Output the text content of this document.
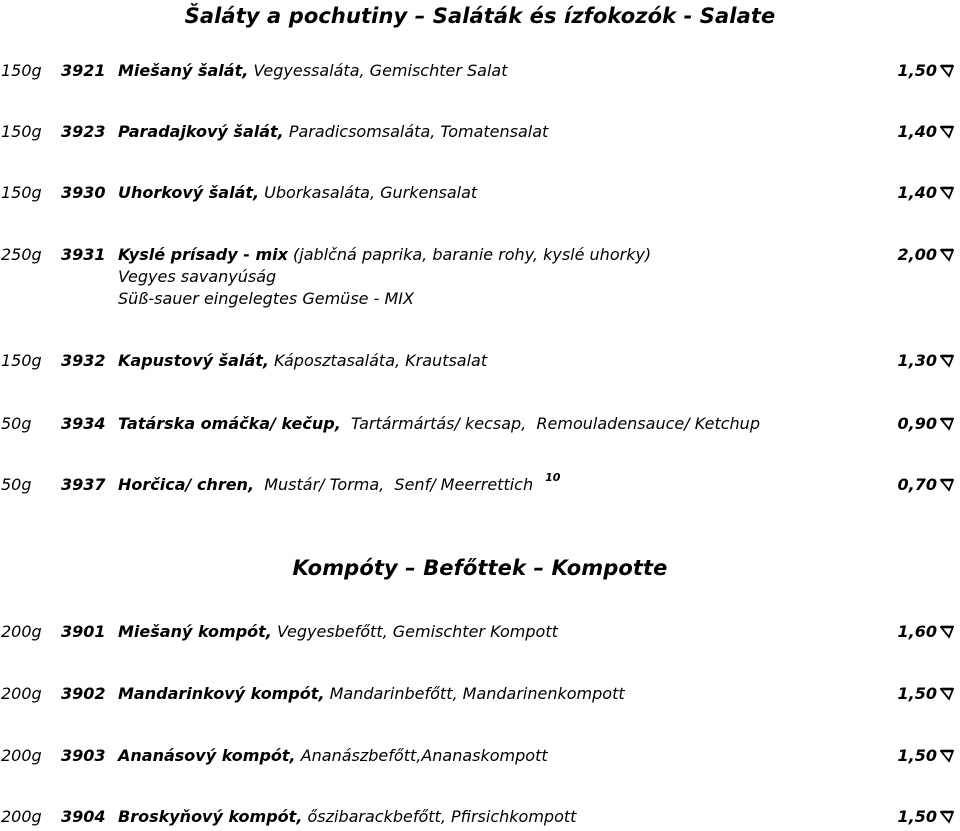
Šaláty a pochutiny – Saláták és ízfokozók - Salate
150g 3921 Miešaný šalát, Vegyessaláta, Gemischter Salat	1,50
150g 3923 Paradajkový šalát, Paradicsomsaláta, Tomatensalat	1,40
150g 3930 Uhorkový šalát, Uborkasaláta, Gurkensalat	1,40
250g 3931 Kyslé prísady - mix (jablčná paprika, baranie rohy, kyslé uhorky)	2,00
Vegyes savanyúság
Süß-sauer eingelegtes Gemüse - MIX
150g 3932 Kapustový šalát, Káposztasaláta, Krautsalat	1,30
50g 3934 Tatárska omáčka/ kečup,  Tartármártás/ kecsap,  Remouladensauce/ Ketchup	0,90
50g 3937 Horčica/ chren,  Mustár/ Torma,  Senf/ Meerrettich $^{10}$	0,70
Kompóty – Befőttek – Kompotte
200g 3901 Miešaný kompót, Vegyesbefőtt, Gemischter Kompott	1,60
200g 3902 Mandarinkový kompót, Mandarinbefőtt, Mandarinenkompott	1,50
200g 3903 Ananásový kompót, Ananászbefőtt,Ananaskompott	1,50
200g 3904 Broskyňový kompót, őszibarackbefőtt, Pfirsichkompott	1,50
